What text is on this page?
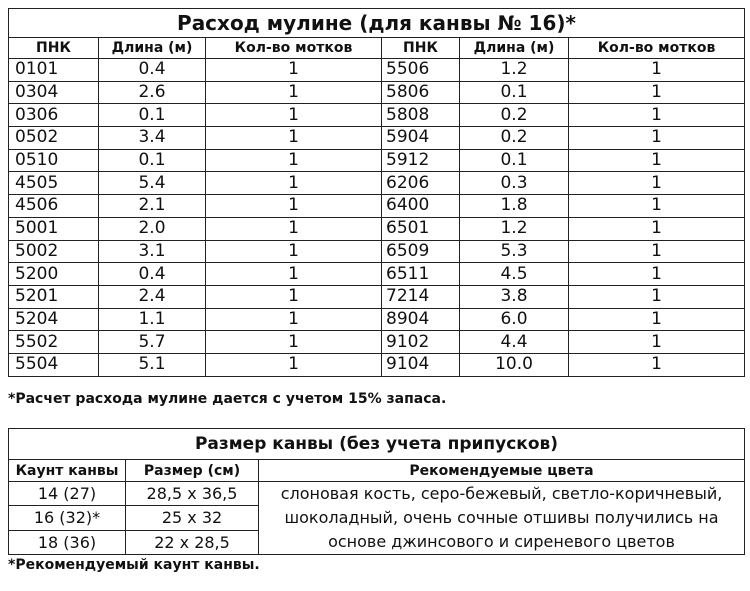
Расход мулине (для канвы № 16)*					
ПНК	Длина (м)	Кол-во мотков	ПНК	Длина (м)	Кол-во мотков
0101	0.4	1	5506	1.2	1
0304	2.6	1	5806	0.1	1
0306	0.1	1	5808	0.2	1
0502	3.4	1	5904	0.2	1
0510	0.1	1	5912	0.1	1
4505	5.4	1	6206	0.3	1
4506	2.1	1	6400	1.8	1
5001	2.0	1	6501	1.2	1
5002	3.1	1	6509	5.3	1
5200	0.4	1	6511	4.5	1
5201	2.4	1	7214	3.8	1
5204	1.1	1	8904	6.0	1
5502	5.7	1	9102	4.4	1
5504	5.1	1	9104	10.0	1
*Расчет расхода мулине дается с учетом 15% запаса.
Размер канвы (без учета припусков)		
Каунт канвы	Размер (см)	Рекомендуемые цвета
14 (27)	28,5 x 36,5	слоновая кость, серо-бежевый, светло-коричневый, шоколадный, очень сочные отшивы получились на основе джинсового и сиреневого цветов
16 (32)*	25 x 32	
18 (36)	22 x 28,5	
*Рекомендуемый каунт канвы.
